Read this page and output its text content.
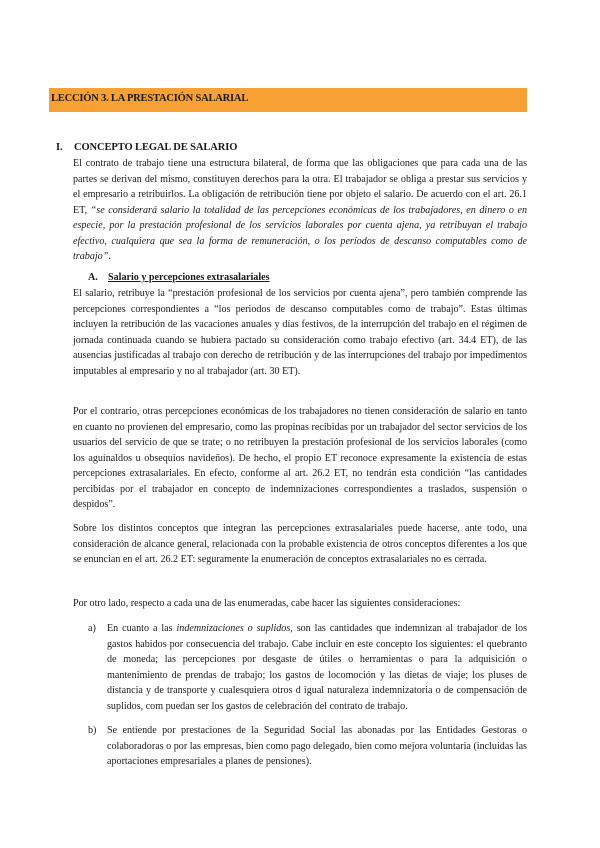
LECCIÓN 3. LA PRESTACIÓN SALARIAL
I. CONCEPTO LEGAL DE SALARIO

El contrato de trabajo tiene una estructura bilateral, de forma que las obligaciones que para cada una de las partes se derivan del mismo, constituyen derechos para la otra. El trabajador se obliga a prestar sus servicios y el empresario a retribuirlos. La obligación de retribución tiene por objeto el salario. De acuerdo con el art. 26.1 ET, “se considerará salario la totalidad de las percepciones económicas de los trabajadores, en dinero o en especie, por la prestación profesional de los servicios laborales por cuenta ajena, ya retribuyan el trabajo efectivo, cualquiera que sea la forma de remuneración, o los períodos de descanso computables como de trabajo”.

A. Salario y percepciones extrasalariales

El salario, retribuye la “prestación profesional de los servicios por cuenta ajena”, pero también comprende las percepciones correspondientes a “los periodos de descanso computables como de trabajo”. Estas últimas incluyen la retribución de las vacaciones anuales y días festivos, de la interrupción del trabajo en el régimen de jornada continuada cuando se hubiera pactado su consideración como trabajo efectivo (art. 34.4 ET), de las ausencias justificadas al trabajo con derecho de retribución y de las interrupciones del trabajo por impedimentos imputables al empresario y no al trabajador (art. 30 ET).

Por el contrario, otras percepciones económicas de los trabajadores no tienen consideración de salario en tanto en cuanto no provienen del empresario, como las propinas recibidas por un trabajador del sector servicios de los usuarios del servicio de que se trate; o no retribuyen la prestación profesional de los servicios laborales (como los aguinaldos u obsequios navideños). De hecho, el propio ET reconoce expresamente la existencia de estas percepciones extrasalariales. En efecto, conforme al art. 26.2 ET, no tendrán esta condición “las cantidades percibidas por el trabajador en concepto de indemnizaciones correspondientes a traslados, suspensión o despidos”.

Sobre los distintos conceptos que integran las percepciones extrasalariales puede hacerse, ante todo, una consideración de alcance general, relacionada con la probable existencia de otros conceptos diferentes a los que se enuncian en el art. 26.2 ET: seguramente la enumeración de conceptos extrasalariales no es cerrada.

Por otro lado, respecto a cada una de las enumeradas, cabe hacer las siguientes consideraciones:

a) En cuanto a las indemnizaciones o suplidos, son las cantidades que indemnizan al trabajador de los gastos habidos por consecuencia del trabajo. Cabe incluir en este concepto los siguientes: el quebranto de moneda; las percepciones por desgaste de útiles o herramientas o para la adquisición o mantenimiento de prendas de trabajo; los gastos de locomoción y las dietas de viaje; los pluses de distancia y de transporte y cualesquiera otros d igual naturaleza indemnizatoria o de compensación de suplidos, com puedan ser los gastos de celebración del contrato de trabajo.
b) Se entiende por prestaciones de la Seguridad Social las abonadas por las Entidades Gestoras o colaboradoras o por las empresas, bien como pago delegado, bien como mejora voluntaria (incluidas las aportaciones empresariales a planes de pensiones).
